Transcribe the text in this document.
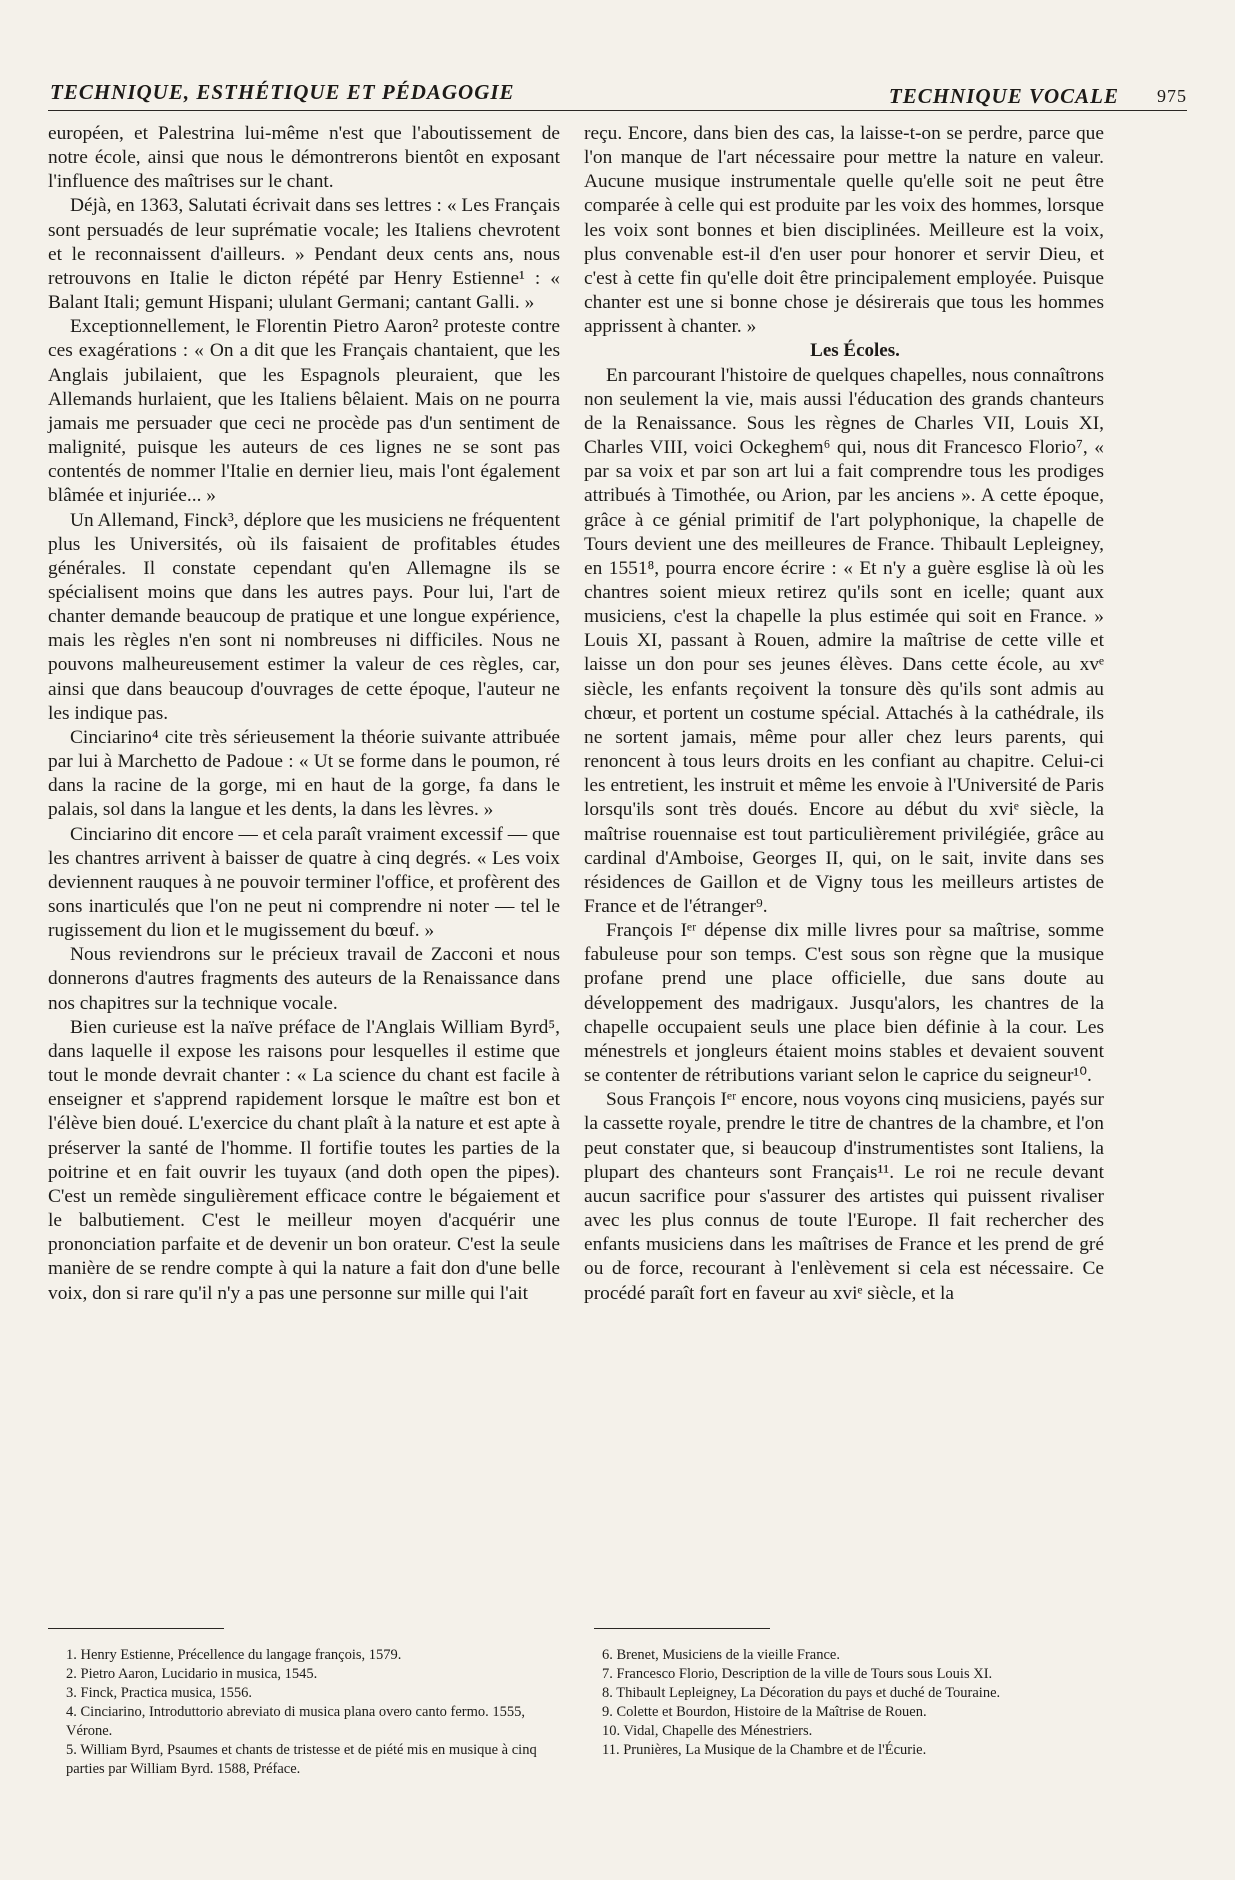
TECHNIQUE, ESTHÉTIQUE ET PÉDAGOGIE	TECHNIQUE VOCALE 975

européen, et Palestrina lui-même n'est que l'aboutissement de notre école, ainsi que nous le démontrerons bientôt en exposant l'influence des maîtrises sur le chant.

Déjà, en 1363, Salutati écrivait dans ses lettres : « Les Français sont persuadés de leur suprématie vocale; les Italiens chevrotent et le reconnaissent d'ailleurs. » Pendant deux cents ans, nous retrouvons en Italie le dicton répété par Henry Estienne¹ : « Balant Itali; gemunt Hispani; ululant Germani; cantant Galli. »

Exceptionnellement, le Florentin Pietro Aaron² proteste contre ces exagérations : « On a dit que les Français chantaient, que les Anglais jubilaient, que les Espagnols pleuraient, que les Allemands hurlaient, que les Italiens bêlaient. Mais on ne pourra jamais me persuader que ceci ne procède pas d'un sentiment de malignité, puisque les auteurs de ces lignes ne se sont pas contentés de nommer l'Italie en dernier lieu, mais l'ont également blâmée et injuriée... »

Un Allemand, Finck³, déplore que les musiciens ne fréquentent plus les Universités, où ils faisaient de profitables études générales. Il constate cependant qu'en Allemagne ils se spécialisent moins que dans les autres pays. Pour lui, l'art de chanter demande beaucoup de pratique et une longue expérience, mais les règles n'en sont ni nombreuses ni difficiles. Nous ne pouvons malheureusement estimer la valeur de ces règles, car, ainsi que dans beaucoup d'ouvrages de cette époque, l'auteur ne les indique pas.

Cinciarino⁴ cite très sérieusement la théorie suivante attribuée par lui à Marchetto de Padoue : « Ut se forme dans le poumon, ré dans la racine de la gorge, mi en haut de la gorge, fa dans le palais, sol dans la langue et les dents, la dans les lèvres. »

Cinciarino dit encore — et cela paraît vraiment excessif — que les chantres arrivent à baisser de quatre à cinq degrés. « Les voix deviennent rauques à ne pouvoir terminer l'office, et profèrent des sons inarticulés que l'on ne peut ni comprendre ni noter — tel le rugissement du lion et le mugissement du bœuf. »

Nous reviendrons sur le précieux travail de Zacconi et nous donnerons d'autres fragments des auteurs de la Renaissance dans nos chapitres sur la technique vocale.

Bien curieuse est la naïve préface de l'Anglais William Byrd⁵, dans laquelle il expose les raisons pour lesquelles il estime que tout le monde devrait chanter : « La science du chant est facile à enseigner et s'apprend rapidement lorsque le maître est bon et l'élève bien doué. L'exercice du chant plaît à la nature et est apte à préserver la santé de l'homme. Il fortifie toutes les parties de la poitrine et en fait ouvrir les tuyaux (and doth open the pipes). C'est un remède singulièrement efficace contre le bégaiement et le balbutiement. C'est le meilleur moyen d'acquérir une prononciation parfaite et de devenir un bon orateur. C'est la seule manière de se rendre compte à qui la nature a fait don d'une belle voix, don si rare qu'il n'y a pas une personne sur mille qui l'ait

reçu. Encore, dans bien des cas, la laisse-t-on se perdre, parce que l'on manque de l'art nécessaire pour mettre la nature en valeur. Aucune musique instrumentale quelle qu'elle soit ne peut être comparée à celle qui est produite par les voix des hommes, lorsque les voix sont bonnes et bien disciplinées. Meilleure est la voix, plus convenable est-il d'en user pour honorer et servir Dieu, et c'est à cette fin qu'elle doit être principalement employée. Puisque chanter est une si bonne chose je désirerais que tous les hommes apprissent à chanter. »

Les Écoles.

En parcourant l'histoire de quelques chapelles, nous connaîtrons non seulement la vie, mais aussi l'éducation des grands chanteurs de la Renaissance. Sous les règnes de Charles VII, Louis XI, Charles VIII, voici Ockeghem⁶ qui, nous dit Francesco Florio⁷, « par sa voix et par son art lui a fait comprendre tous les prodiges attribués à Timothée, ou Arion, par les anciens ». A cette époque, grâce à ce génial primitif de l'art polyphonique, la chapelle de Tours devient une des meilleures de France. Thibault Lepleigney, en 1551⁸, pourra encore écrire : « Et n'y a guère esglise là où les chantres soient mieux retirez qu'ils sont en icelle; quant aux musiciens, c'est la chapelle la plus estimée qui soit en France. » Louis XI, passant à Rouen, admire la maîtrise de cette ville et laisse un don pour ses jeunes élèves. Dans cette école, au xvᵉ siècle, les enfants reçoivent la tonsure dès qu'ils sont admis au chœur, et portent un costume spécial. Attachés à la cathédrale, ils ne sortent jamais, même pour aller chez leurs parents, qui renoncent à tous leurs droits en les confiant au chapitre. Celui-ci les entretient, les instruit et même les envoie à l'Université de Paris lorsqu'ils sont très doués. Encore au début du xviᵉ siècle, la maîtrise rouennaise est tout particulièrement privilégiée, grâce au cardinal d'Amboise, Georges II, qui, on le sait, invite dans ses résidences de Gaillon et de Vigny tous les meilleurs artistes de France et de l'étranger⁹.

François Iᵉʳ dépense dix mille livres pour sa maîtrise, somme fabuleuse pour son temps. C'est sous son règne que la musique profane prend une place officielle, due sans doute au développement des madrigaux. Jusqu'alors, les chantres de la chapelle occupaient seuls une place bien définie à la cour. Les ménestrels et jongleurs étaient moins stables et devaient souvent se contenter de rétributions variant selon le caprice du seigneur¹⁰.

Sous François Iᵉʳ encore, nous voyons cinq musiciens, payés sur la cassette royale, prendre le titre de chantres de la chambre, et l'on peut constater que, si beaucoup d'instrumentistes sont Italiens, la plupart des chanteurs sont Français¹¹. Le roi ne recule devant aucun sacrifice pour s'assurer des artistes qui puissent rivaliser avec les plus connus de toute l'Europe. Il fait rechercher des enfants musiciens dans les maîtrises de France et les prend de gré ou de force, recourant à l'enlèvement si cela est nécessaire. Ce procédé paraît fort en faveur au xviᵉ siècle, et la

1. Henry Estienne, Précellence du langage françois, 1579.
2. Pietro Aaron, Lucidario in musica, 1545.
3. Finck, Practica musica, 1556.
4. Cinciarino, Introduttorio abreviato di musica plana overo canto fermo. 1555, Vérone.
5. William Byrd, Psaumes et chants de tristesse et de piété mis en musique à cinq parties par William Byrd. 1588, Préface.
6. Brenet, Musiciens de la vieille France.
7. Francesco Florio, Description de la ville de Tours sous Louis XI.
8. Thibault Lepleigney, La Décoration du pays et duché de Touraine.
9. Colette et Bourdon, Histoire de la Maîtrise de Rouen.
10. Vidal, Chapelle des Ménestriers.
11. Prunières, La Musique de la Chambre et de l'Écurie.
